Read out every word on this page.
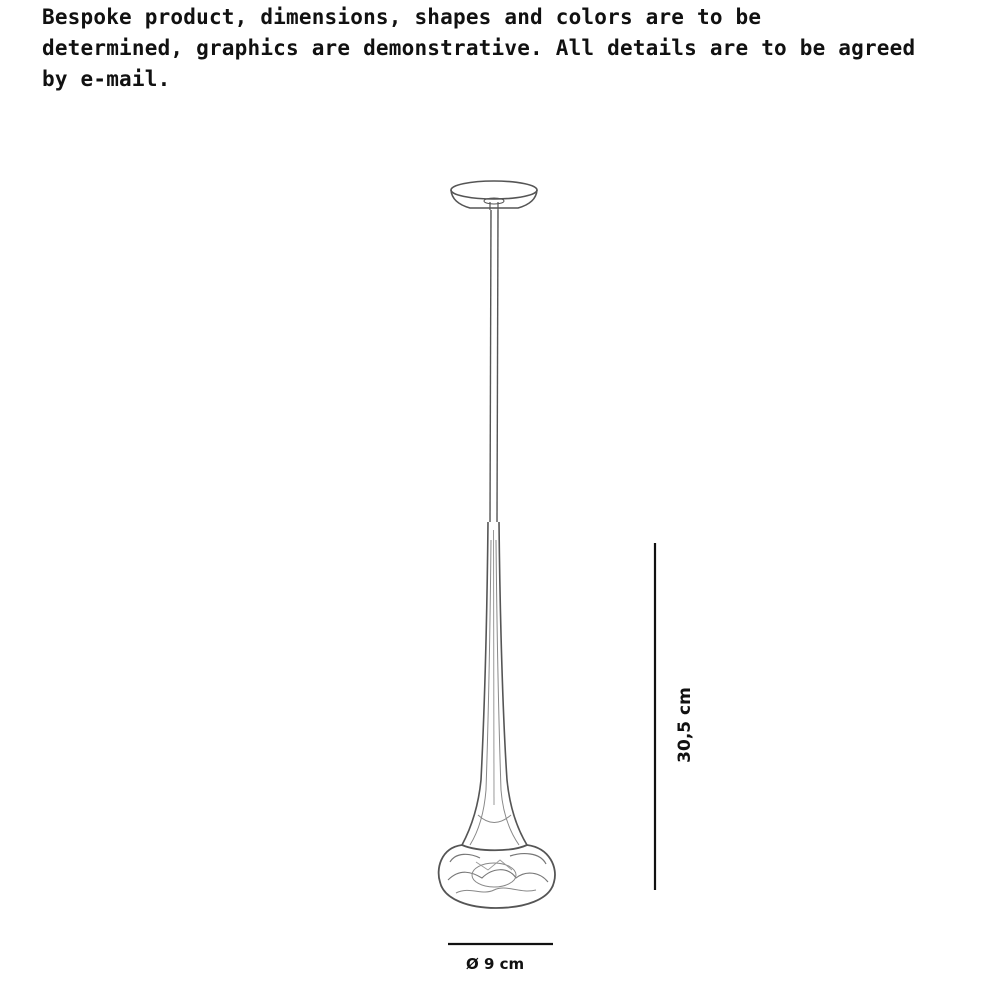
Bespoke product, dimensions, shapes and colors are to be
determined, graphics are demonstrative. All details are to be agreed
by e-mail.

30,5 cm
Ø 9 cm
